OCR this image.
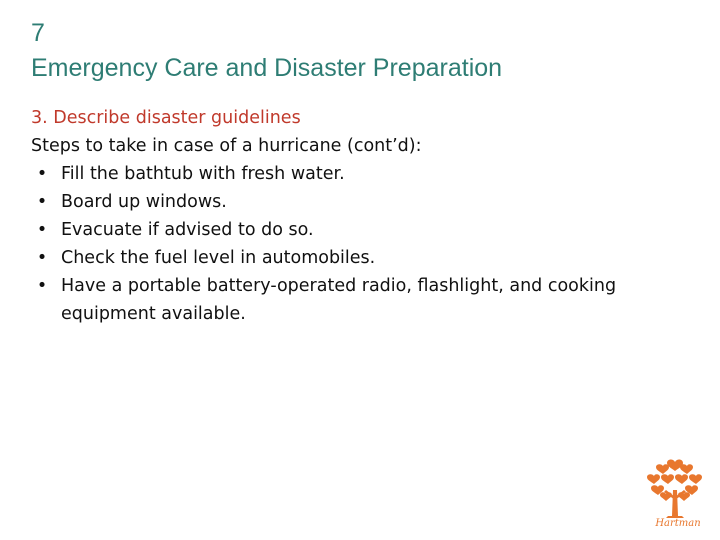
7
Emergency Care and Disaster Preparation
3. Describe disaster guidelines
Steps to take in case of a hurricane (cont’d):
• Fill the bathtub with fresh water.
• Board up windows.
• Evacuate if advised to do so.
• Check the fuel level in automobiles.
• Have a portable battery-operated radio, flashlight, and cooking equipment available.
Hartman
